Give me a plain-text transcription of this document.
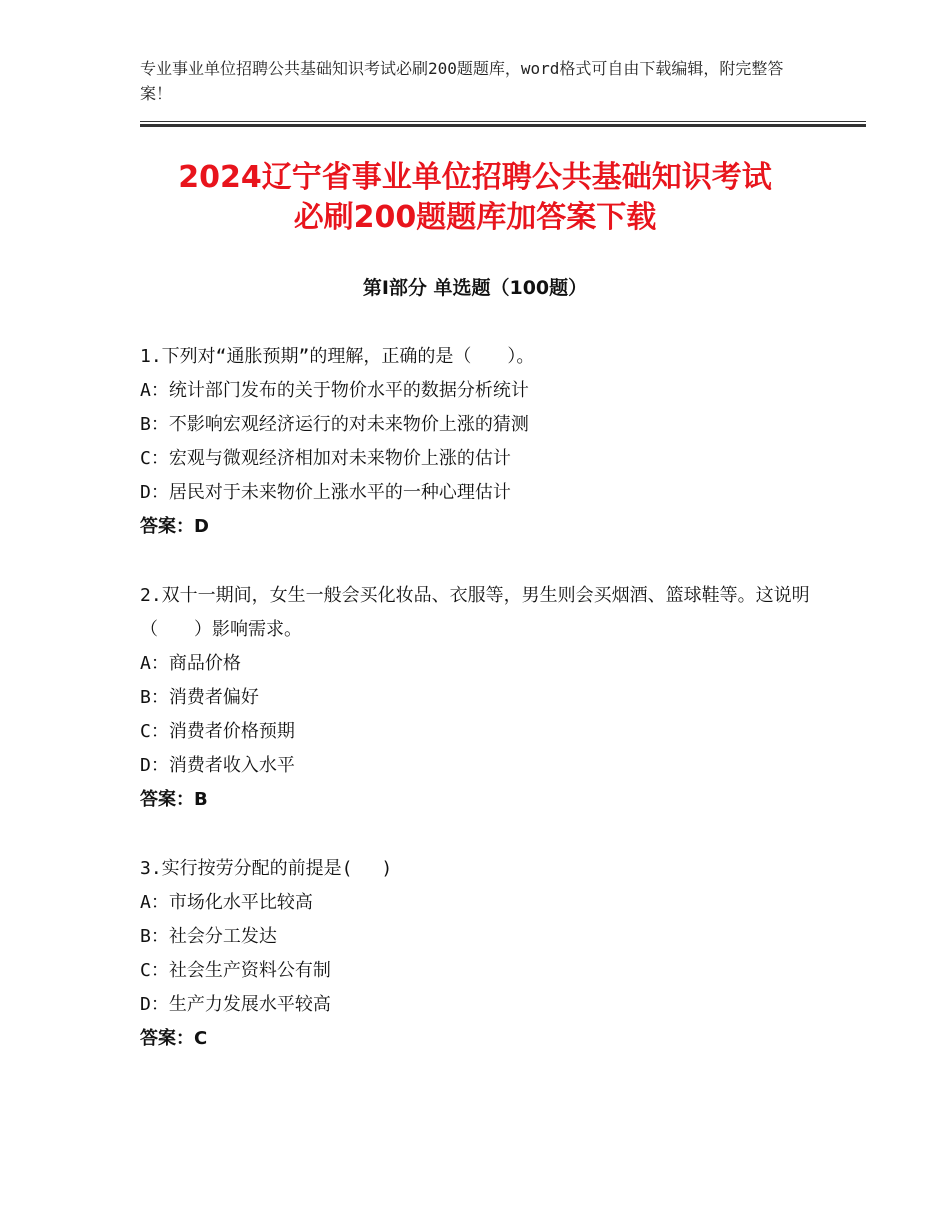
专业事业单位招聘公共基础知识考试必刷200题题库，word格式可自由下载编辑，附完整答案！
2024辽宁省事业单位招聘公共基础知识考试
必刷200题题库加答案下载
第Ⅰ部分 单选题（100题）
1.下列对“通胀预期”的理解，正确的是（　　）。
A：统计部门发布的关于物价水平的数据分析统计
B：不影响宏观经济运行的对未来物价上涨的猜测
C：宏观与微观经济相加对未来物价上涨的估计
D：居民对于未来物价上涨水平的一种心理估计
答案：D
2.双十一期间，女生一般会买化妆品、衣服等，男生则会买烟酒、篮球鞋等。这说明（　　）影响需求。
A：商品价格
B：消费者偏好
C：消费者价格预期
D：消费者收入水平
答案：B
3.实行按劳分配的前提是(　 )
A：市场化水平比较高
B：社会分工发达
C：社会生产资料公有制
D：生产力发展水平较高
答案：C
